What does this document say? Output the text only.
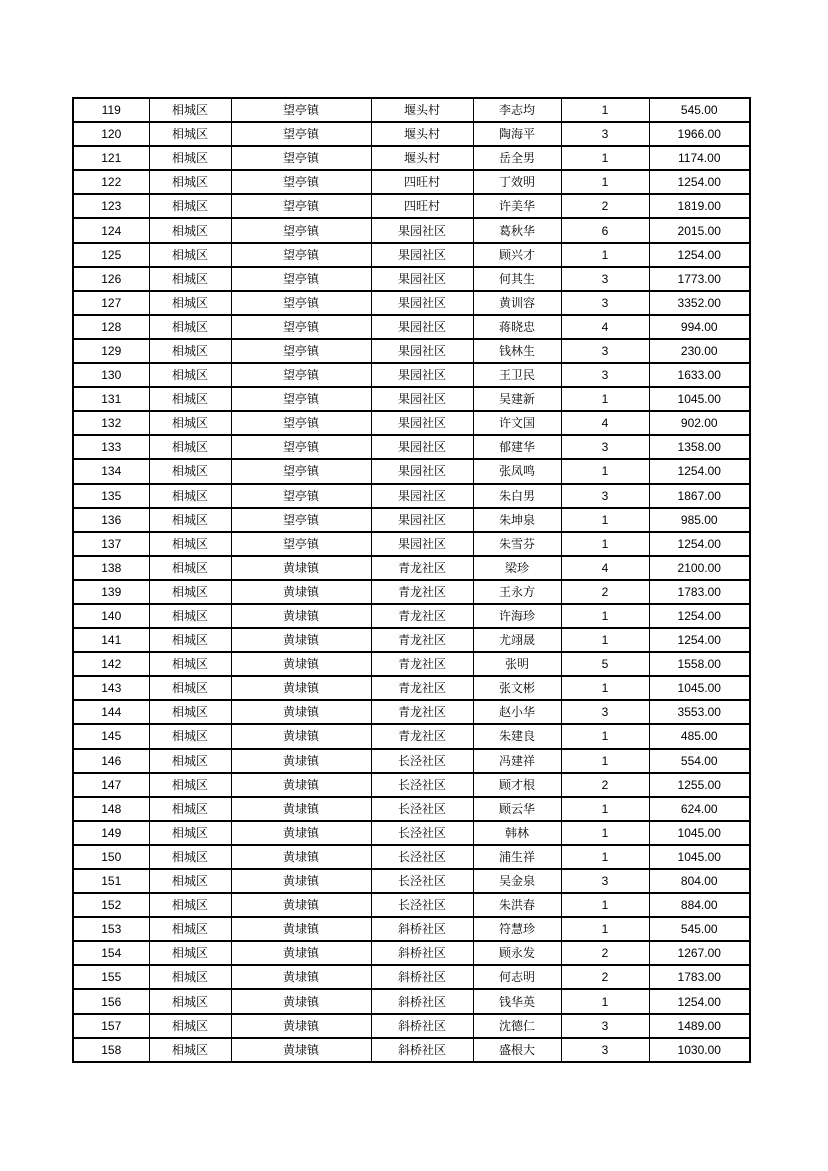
119	相城区	望亭镇	堰头村	李志均	1	545.00
120	相城区	望亭镇	堰头村	陶海平	3	1966.00
121	相城区	望亭镇	堰头村	岳全男	1	1174.00
122	相城区	望亭镇	四旺村	丁效明	1	1254.00
123	相城区	望亭镇	四旺村	许美华	2	1819.00
124	相城区	望亭镇	果园社区	葛秋华	6	2015.00
125	相城区	望亭镇	果园社区	顾兴才	1	1254.00
126	相城区	望亭镇	果园社区	何其生	3	1773.00
127	相城区	望亭镇	果园社区	黄训容	3	3352.00
128	相城区	望亭镇	果园社区	蒋晓忠	4	994.00
129	相城区	望亭镇	果园社区	钱林生	3	230.00
130	相城区	望亭镇	果园社区	王卫民	3	1633.00
131	相城区	望亭镇	果园社区	吴建新	1	1045.00
132	相城区	望亭镇	果园社区	许文国	4	902.00
133	相城区	望亭镇	果园社区	郁建华	3	1358.00
134	相城区	望亭镇	果园社区	张凤鸣	1	1254.00
135	相城区	望亭镇	果园社区	朱白男	3	1867.00
136	相城区	望亭镇	果园社区	朱坤泉	1	985.00
137	相城区	望亭镇	果园社区	朱雪芬	1	1254.00
138	相城区	黄埭镇	青龙社区	梁珍	4	2100.00
139	相城区	黄埭镇	青龙社区	王永方	2	1783.00
140	相城区	黄埭镇	青龙社区	许海珍	1	1254.00
141	相城区	黄埭镇	青龙社区	尤翊晟	1	1254.00
142	相城区	黄埭镇	青龙社区	张明	5	1558.00
143	相城区	黄埭镇	青龙社区	张文彬	1	1045.00
144	相城区	黄埭镇	青龙社区	赵小华	3	3553.00
145	相城区	黄埭镇	青龙社区	朱建良	1	485.00
146	相城区	黄埭镇	长泾社区	冯建祥	1	554.00
147	相城区	黄埭镇	长泾社区	顾才根	2	1255.00
148	相城区	黄埭镇	长泾社区	顾云华	1	624.00
149	相城区	黄埭镇	长泾社区	韩林	1	1045.00
150	相城区	黄埭镇	长泾社区	浦生祥	1	1045.00
151	相城区	黄埭镇	长泾社区	吴金泉	3	804.00
152	相城区	黄埭镇	长泾社区	朱洪春	1	884.00
153	相城区	黄埭镇	斜桥社区	符慧珍	1	545.00
154	相城区	黄埭镇	斜桥社区	顾永发	2	1267.00
155	相城区	黄埭镇	斜桥社区	何志明	2	1783.00
156	相城区	黄埭镇	斜桥社区	钱华英	1	1254.00
157	相城区	黄埭镇	斜桥社区	沈德仁	3	1489.00
158	相城区	黄埭镇	斜桥社区	盛根大	3	1030.00
